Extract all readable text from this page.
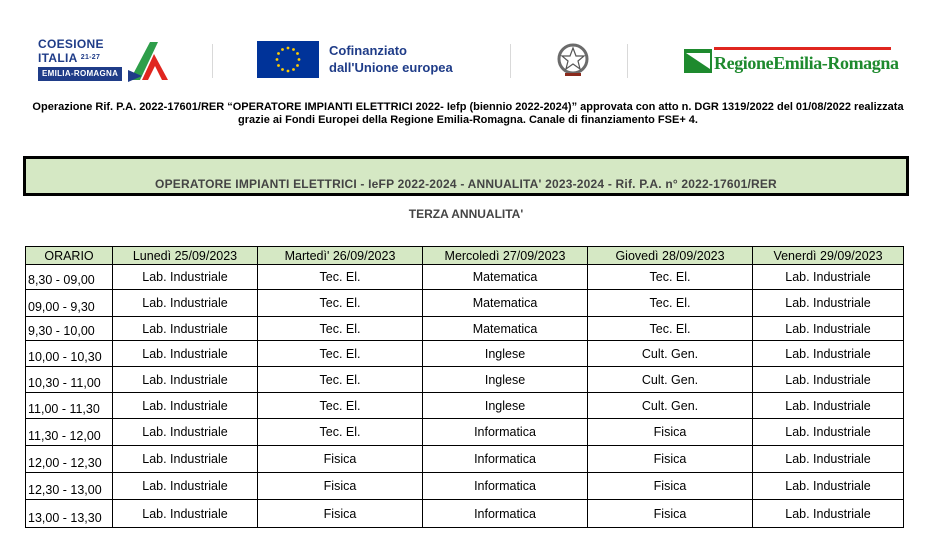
COESIONE
ITALIA $^{21-27}$
EMILIA-ROMAGNA
Cofinanziato
dall'Unione europea	RegioneEmilia-Romagna
Operazione Rif. P.A. 2022-17601/RER “OPERATORE IMPIANTI ELETTRICI 2022- Iefp (biennio 2022-2024)” approvata con atto n. DGR 1319/2022 del 01/08/2022 realizzata grazie ai Fondi Europei della Regione Emilia-Romagna. Canale di finanziamento FSE+ 4.
OPERATORE IMPIANTI ELETTRICI - IeFP 2022-2024 - ANNUALITA' 2023-2024 - Rif. P.A. n° 2022-17601/RER
TERZA ANNUALITA'
ORARIO	Lunedì 25/09/2023	Martedì' 26/09/2023	Mercoledì 27/09/2023	Giovedì 28/09/2023	Venerdì 29/09/2023
8,30 - 09,00	Lab. Industriale	Tec. El.	Matematica	Tec. El.	Lab. Industriale
09,00 - 9,30	Lab. Industriale	Tec. El.	Matematica	Tec. El.	Lab. Industriale
9,30 - 10,00	Lab. Industriale	Tec. El.	Matematica	Tec. El.	Lab. Industriale
10,00 - 10,30	Lab. Industriale	Tec. El.	Inglese	Cult. Gen.	Lab. Industriale
10,30 - 11,00	Lab. Industriale	Tec. El.	Inglese	Cult. Gen.	Lab. Industriale
11,00 - 11,30	Lab. Industriale	Tec. El.	Inglese	Cult. Gen.	Lab. Industriale
11,30 - 12,00	Lab. Industriale	Tec. El.	Informatica	Fisica	Lab. Industriale
12,00 - 12,30	Lab. Industriale	Fisica	Informatica	Fisica	Lab. Industriale
12,30 - 13,00	Lab. Industriale	Fisica	Informatica	Fisica	Lab. Industriale
13,00 - 13,30	Lab. Industriale	Fisica	Informatica	Fisica	Lab. Industriale
